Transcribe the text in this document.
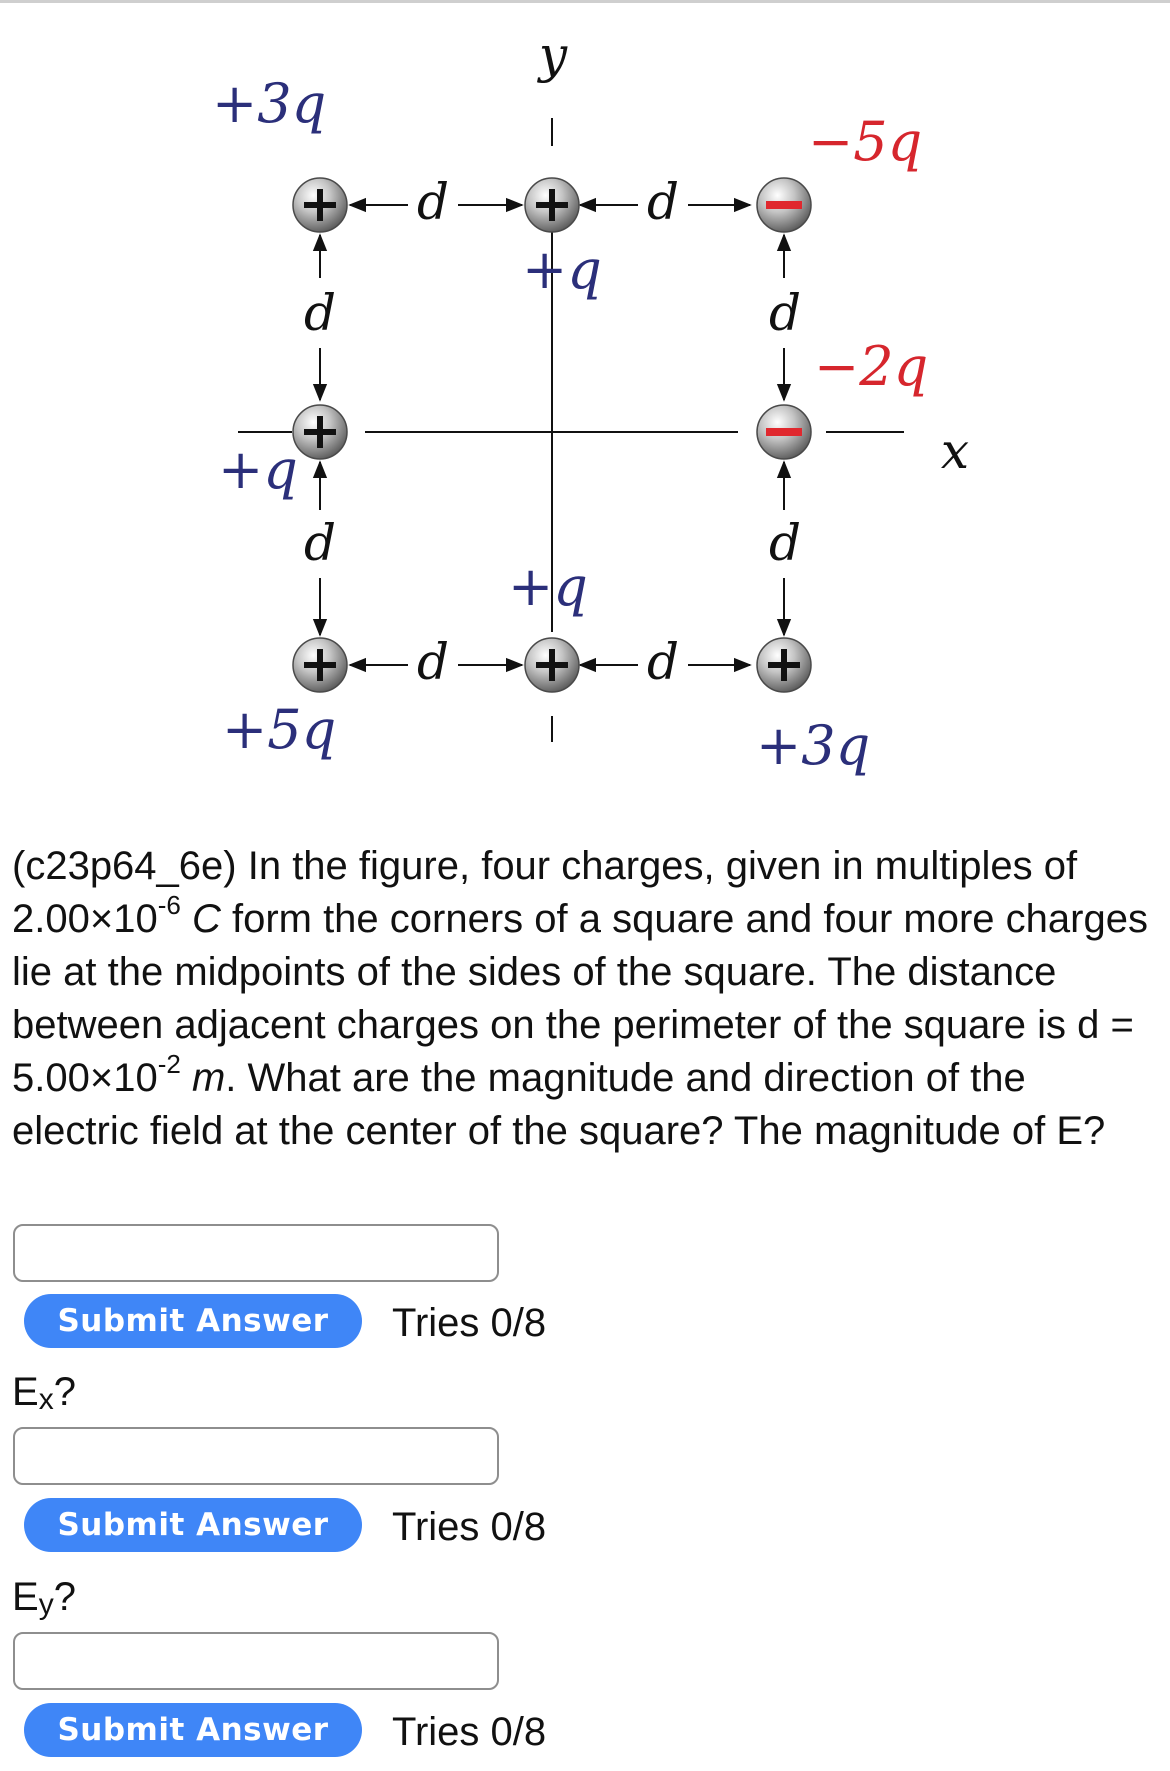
d	d
d	d
d
d
d
d
y
x
+3q
+q
−5q
+q
−2q
+5q
+q
+3q
(c23p64_6e) In the figure, four charges, given in multiples of $2.00\times 10^{-6}$ C form the corners of a square and four more charges lie at the midpoints of the sides of the square. The distance between adjacent charges on the perimeter of the square is $d = 5.00\times 10^{-2}$ m. What are the magnitude and direction of the electric field at the center of the square? The magnitude of E?
Submit Answer	Tries 0/8
$E_x$?
Submit Answer	Tries 0/8
$E_y$?
Submit Answer	Tries 0/8
